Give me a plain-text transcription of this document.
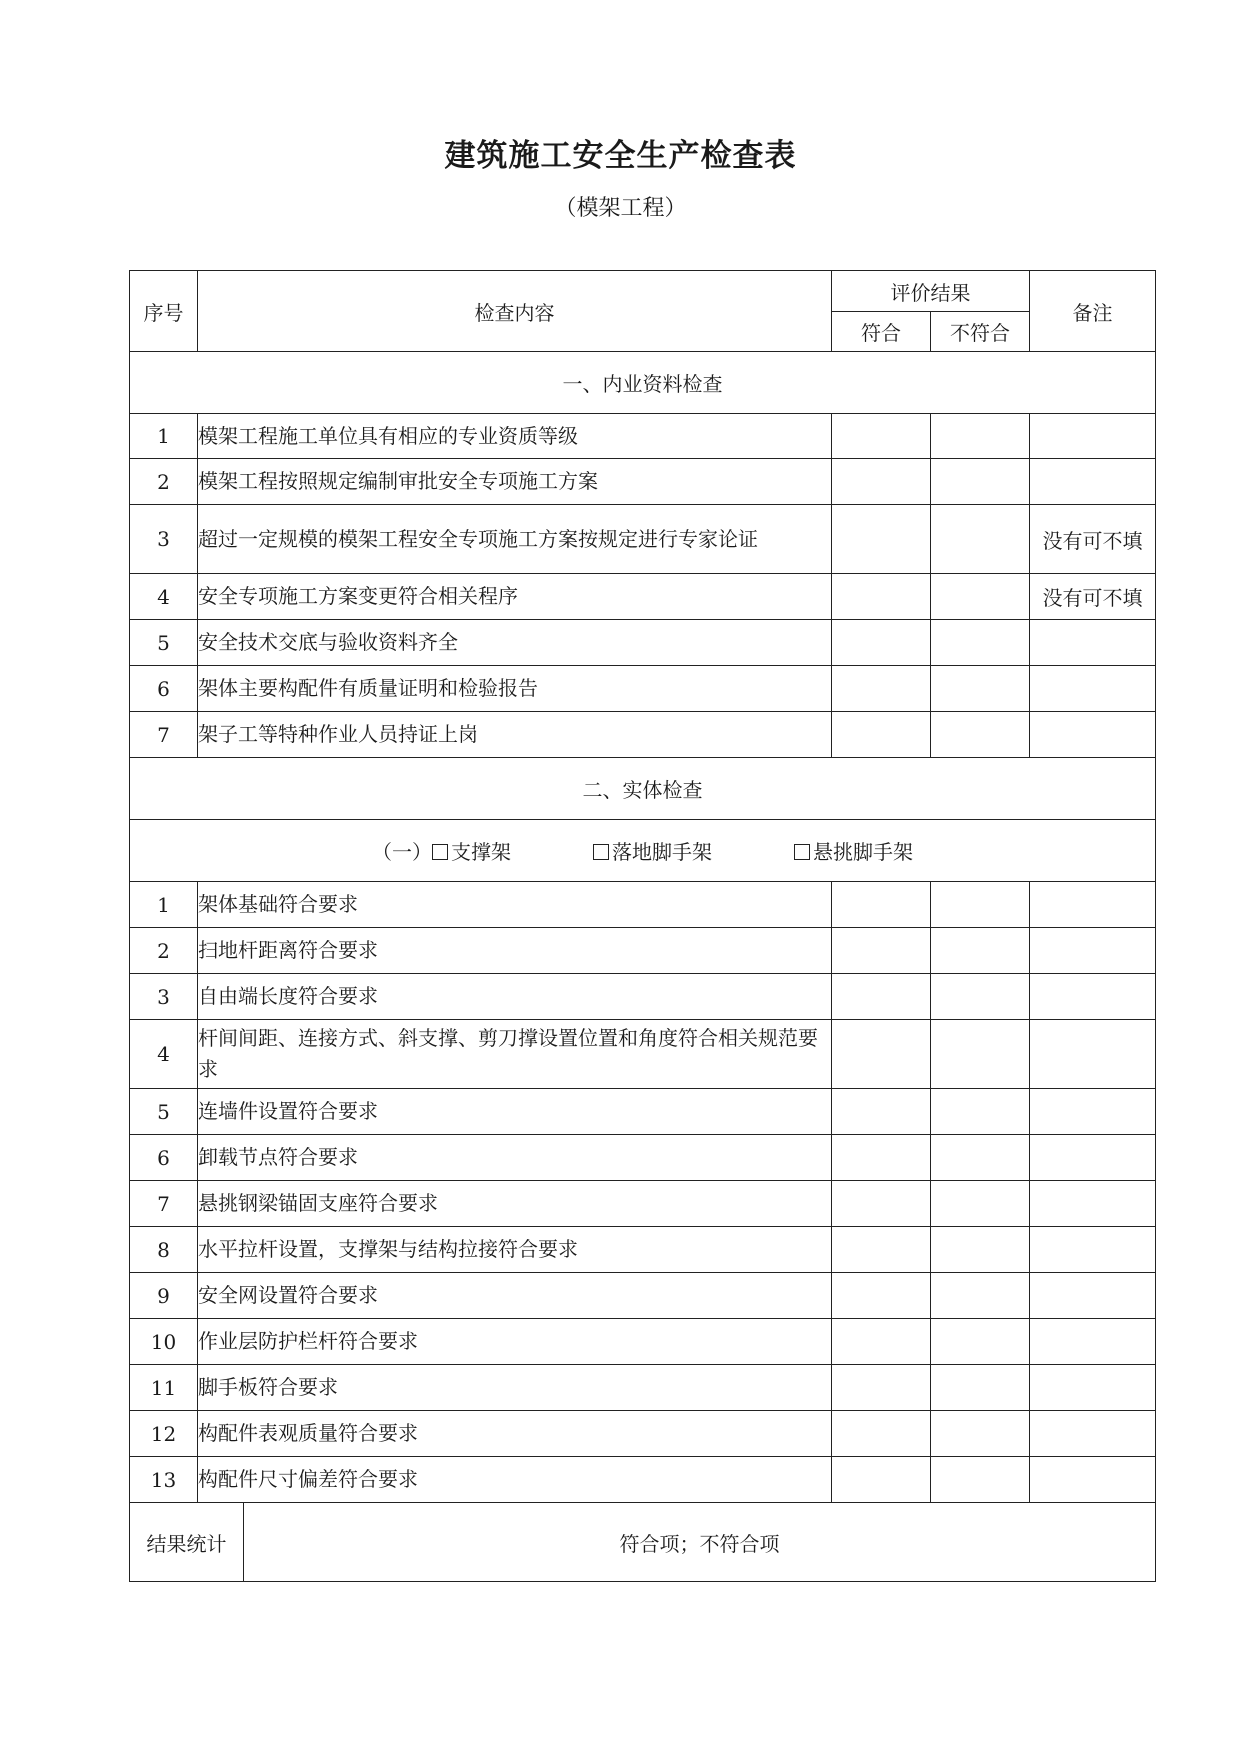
建筑施工安全生产检查表
（模架工程）
序号	检查内容		评价结果		备注
			符合	不符合	
一、内业资料检查					
1	模架工程施工单位具有相应的专业资质等级				
2	模架工程按照规定编制审批安全专项施工方案				
3	超过一定规模的模架工程安全专项施工方案按规定进行专家论证				没有可不填
4	安全专项施工方案变更符合相关程序				没有可不填
5	安全技术交底与验收资料齐全				
6	架体主要构配件有质量证明和检验报告				
7	架子工等特种作业人员持证上岗				
二、实体检查					
（一） 支撑架 落地脚手架 悬挑脚手架					
1	架体基础符合要求				
2	扫地杆距离符合要求				
3	自由端长度符合要求				
4	杆间间距、连接方式、斜支撑、剪刀撑设置位置和角度符合相关规范要求				
5	连墙件设置符合要求				
6	卸载节点符合要求				
7	悬挑钢梁锚固支座符合要求				
8	水平拉杆设置，支撑架与结构拉接符合要求				
9	安全网设置符合要求				
10	作业层防护栏杆符合要求				
11	脚手板符合要求				
12	构配件表观质量符合要求				
13	构配件尺寸偏差符合要求				
结果统计		符合项；不符合项			
